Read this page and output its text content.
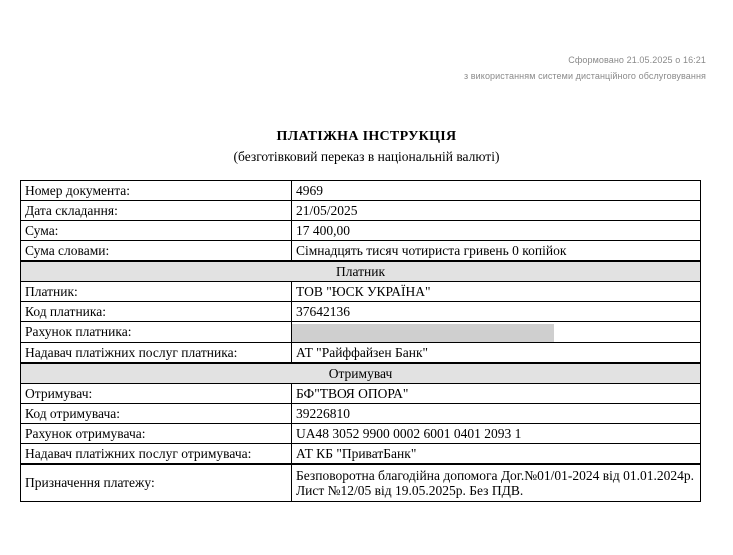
Сформовано 21.05.2025 о 16:21
з використанням системи дистанційного обслуговування
ПЛАТІЖНА ІНСТРУКЦІЯ
(безготівковий переказ в національній валюті)
Номер документа:	4969
Дата складання:	21/05/2025
Сума:	17 400,00
Сума словами:	Сімнадцять тисяч чотириста гривень 0 копійок
Платник	
Платник:	ТОВ "ЮСК УКРАЇНА"
Код платника:	37642136
Рахунок платника:	
Надавач платіжних послуг платника:	АТ "Райффайзен Банк"
Отримувач	
Отримувач:	БФ"ТВОЯ ОПОРА"
Код отримувача:	39226810
Рахунок отримувача:	UA48 3052 9900 0002 6001 0401 2093 1
Надавач платіжних послуг отримувача:	АТ КБ "ПриватБанк"
Призначення платежу:	Безповоротна благодійна допомога Дог.№01/01-2024 від 01.01.2024р. Лист №12/05 від 19.05.2025р. Без ПДВ.
